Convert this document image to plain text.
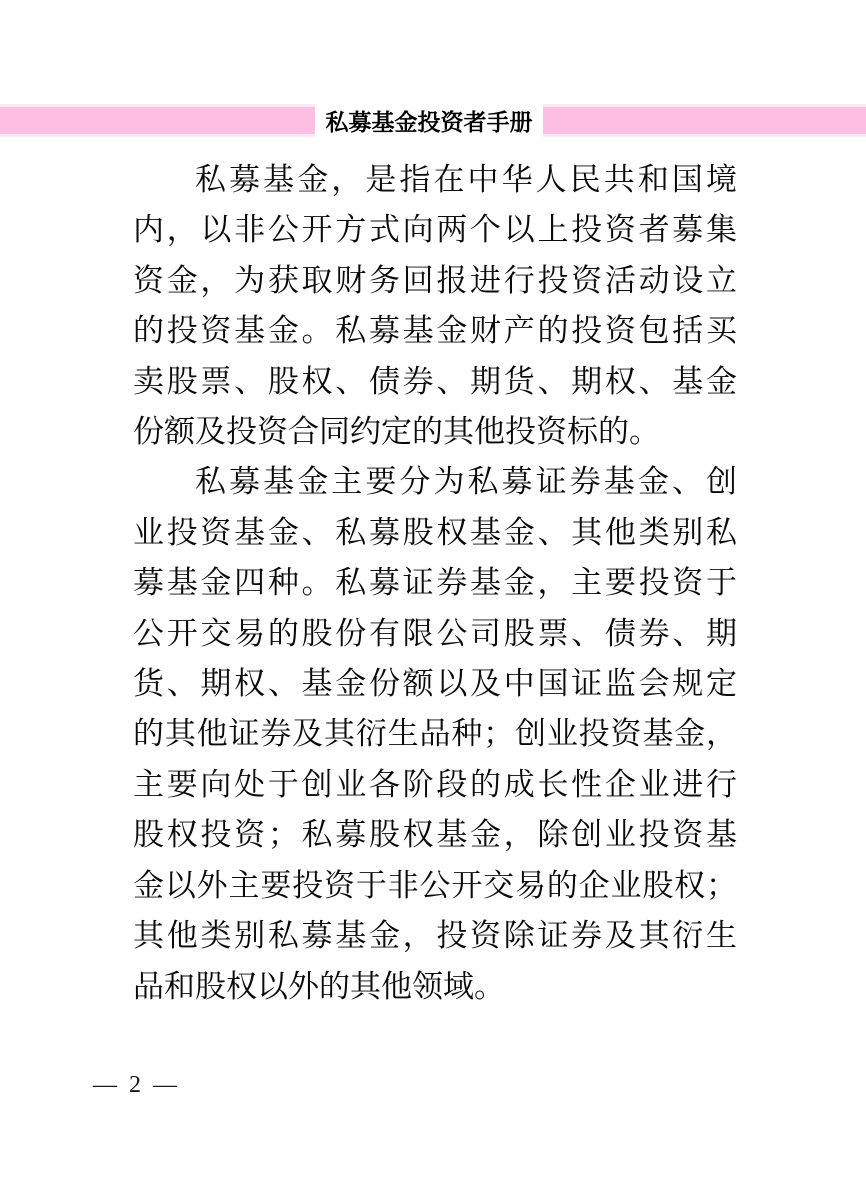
私募基金投资者手册
私募基金，是指在中华人民共和国境
内，以非公开方式向两个以上投资者募集
资金，为获取财务回报进行投资活动设立
的投资基金。私募基金财产的投资包括买
卖股票、股权、债券、期货、期权、基金
份额及投资合同约定的其他投资标的。
私募基金主要分为私募证券基金、创
业投资基金、私募股权基金、其他类别私
募基金四种。私募证券基金，主要投资于
公开交易的股份有限公司股票、债券、期
货、期权、基金份额以及中国证监会规定
的其他证券及其衍生品种；创业投资基金，
主要向处于创业各阶段的成长性企业进行
股权投资；私募股权基金，除创业投资基
金以外主要投资于非公开交易的企业股权；
其他类别私募基金，投资除证券及其衍生
品和股权以外的其他领域。
— 2 —
